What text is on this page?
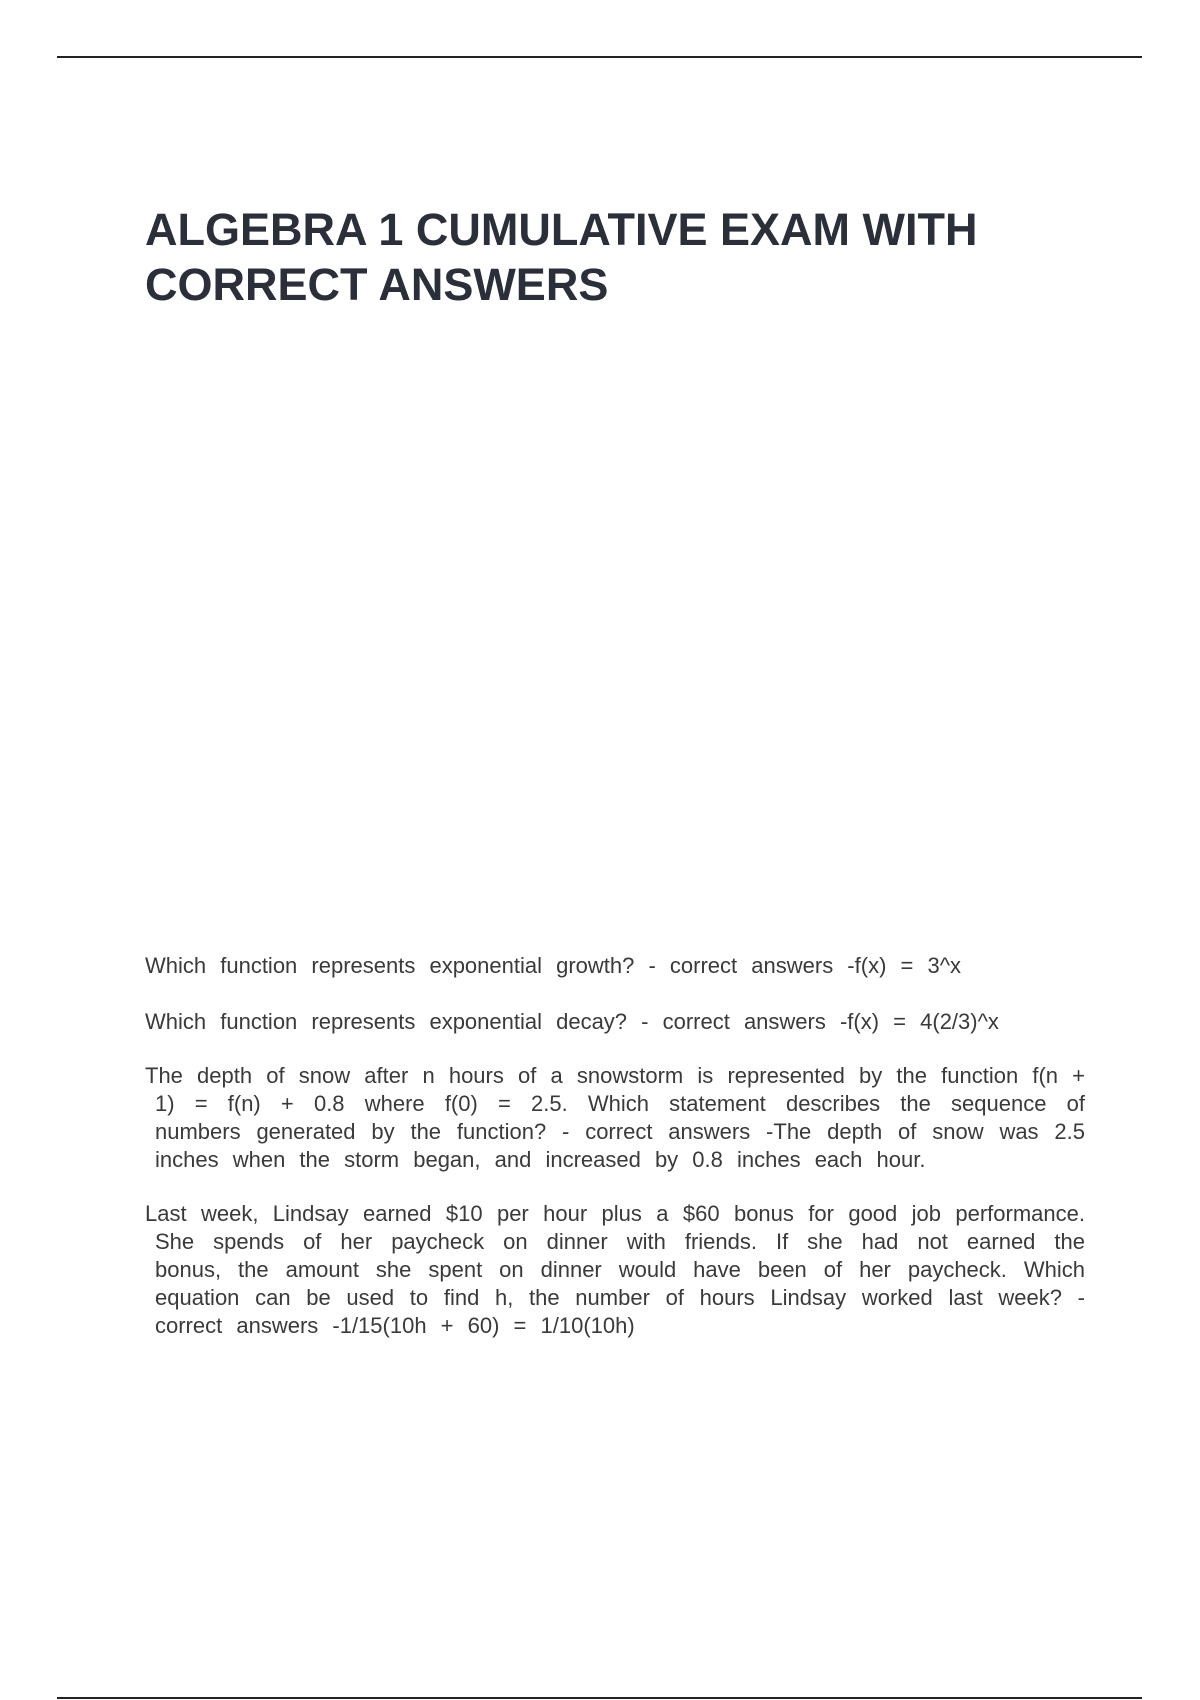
ALGEBRA 1 CUMULATIVE EXAM WITH CORRECT ANSWERS

Which function represents exponential growth? - correct answers -f(x) = 3^x

Which function represents exponential decay? - correct answers -f(x) = 4(2/3)^x

The depth of snow after n hours of a snowstorm is represented by the function f(n + 1) = f(n) + 0.8 where f(0) = 2.5. Which statement describes the sequence of numbers generated by the function? - correct answers -The depth of snow was 2.5 inches when the storm began, and increased by 0.8 inches each hour.

Last week, Lindsay earned $10 per hour plus a $60 bonus for good job performance. She spends of her paycheck on dinner with friends. If she had not earned the bonus, the amount she spent on dinner would have been of her paycheck. Which equation can be used to find h, the number of hours Lindsay worked last week? - correct answers -1/15(10h + 60) = 1/10(10h)
